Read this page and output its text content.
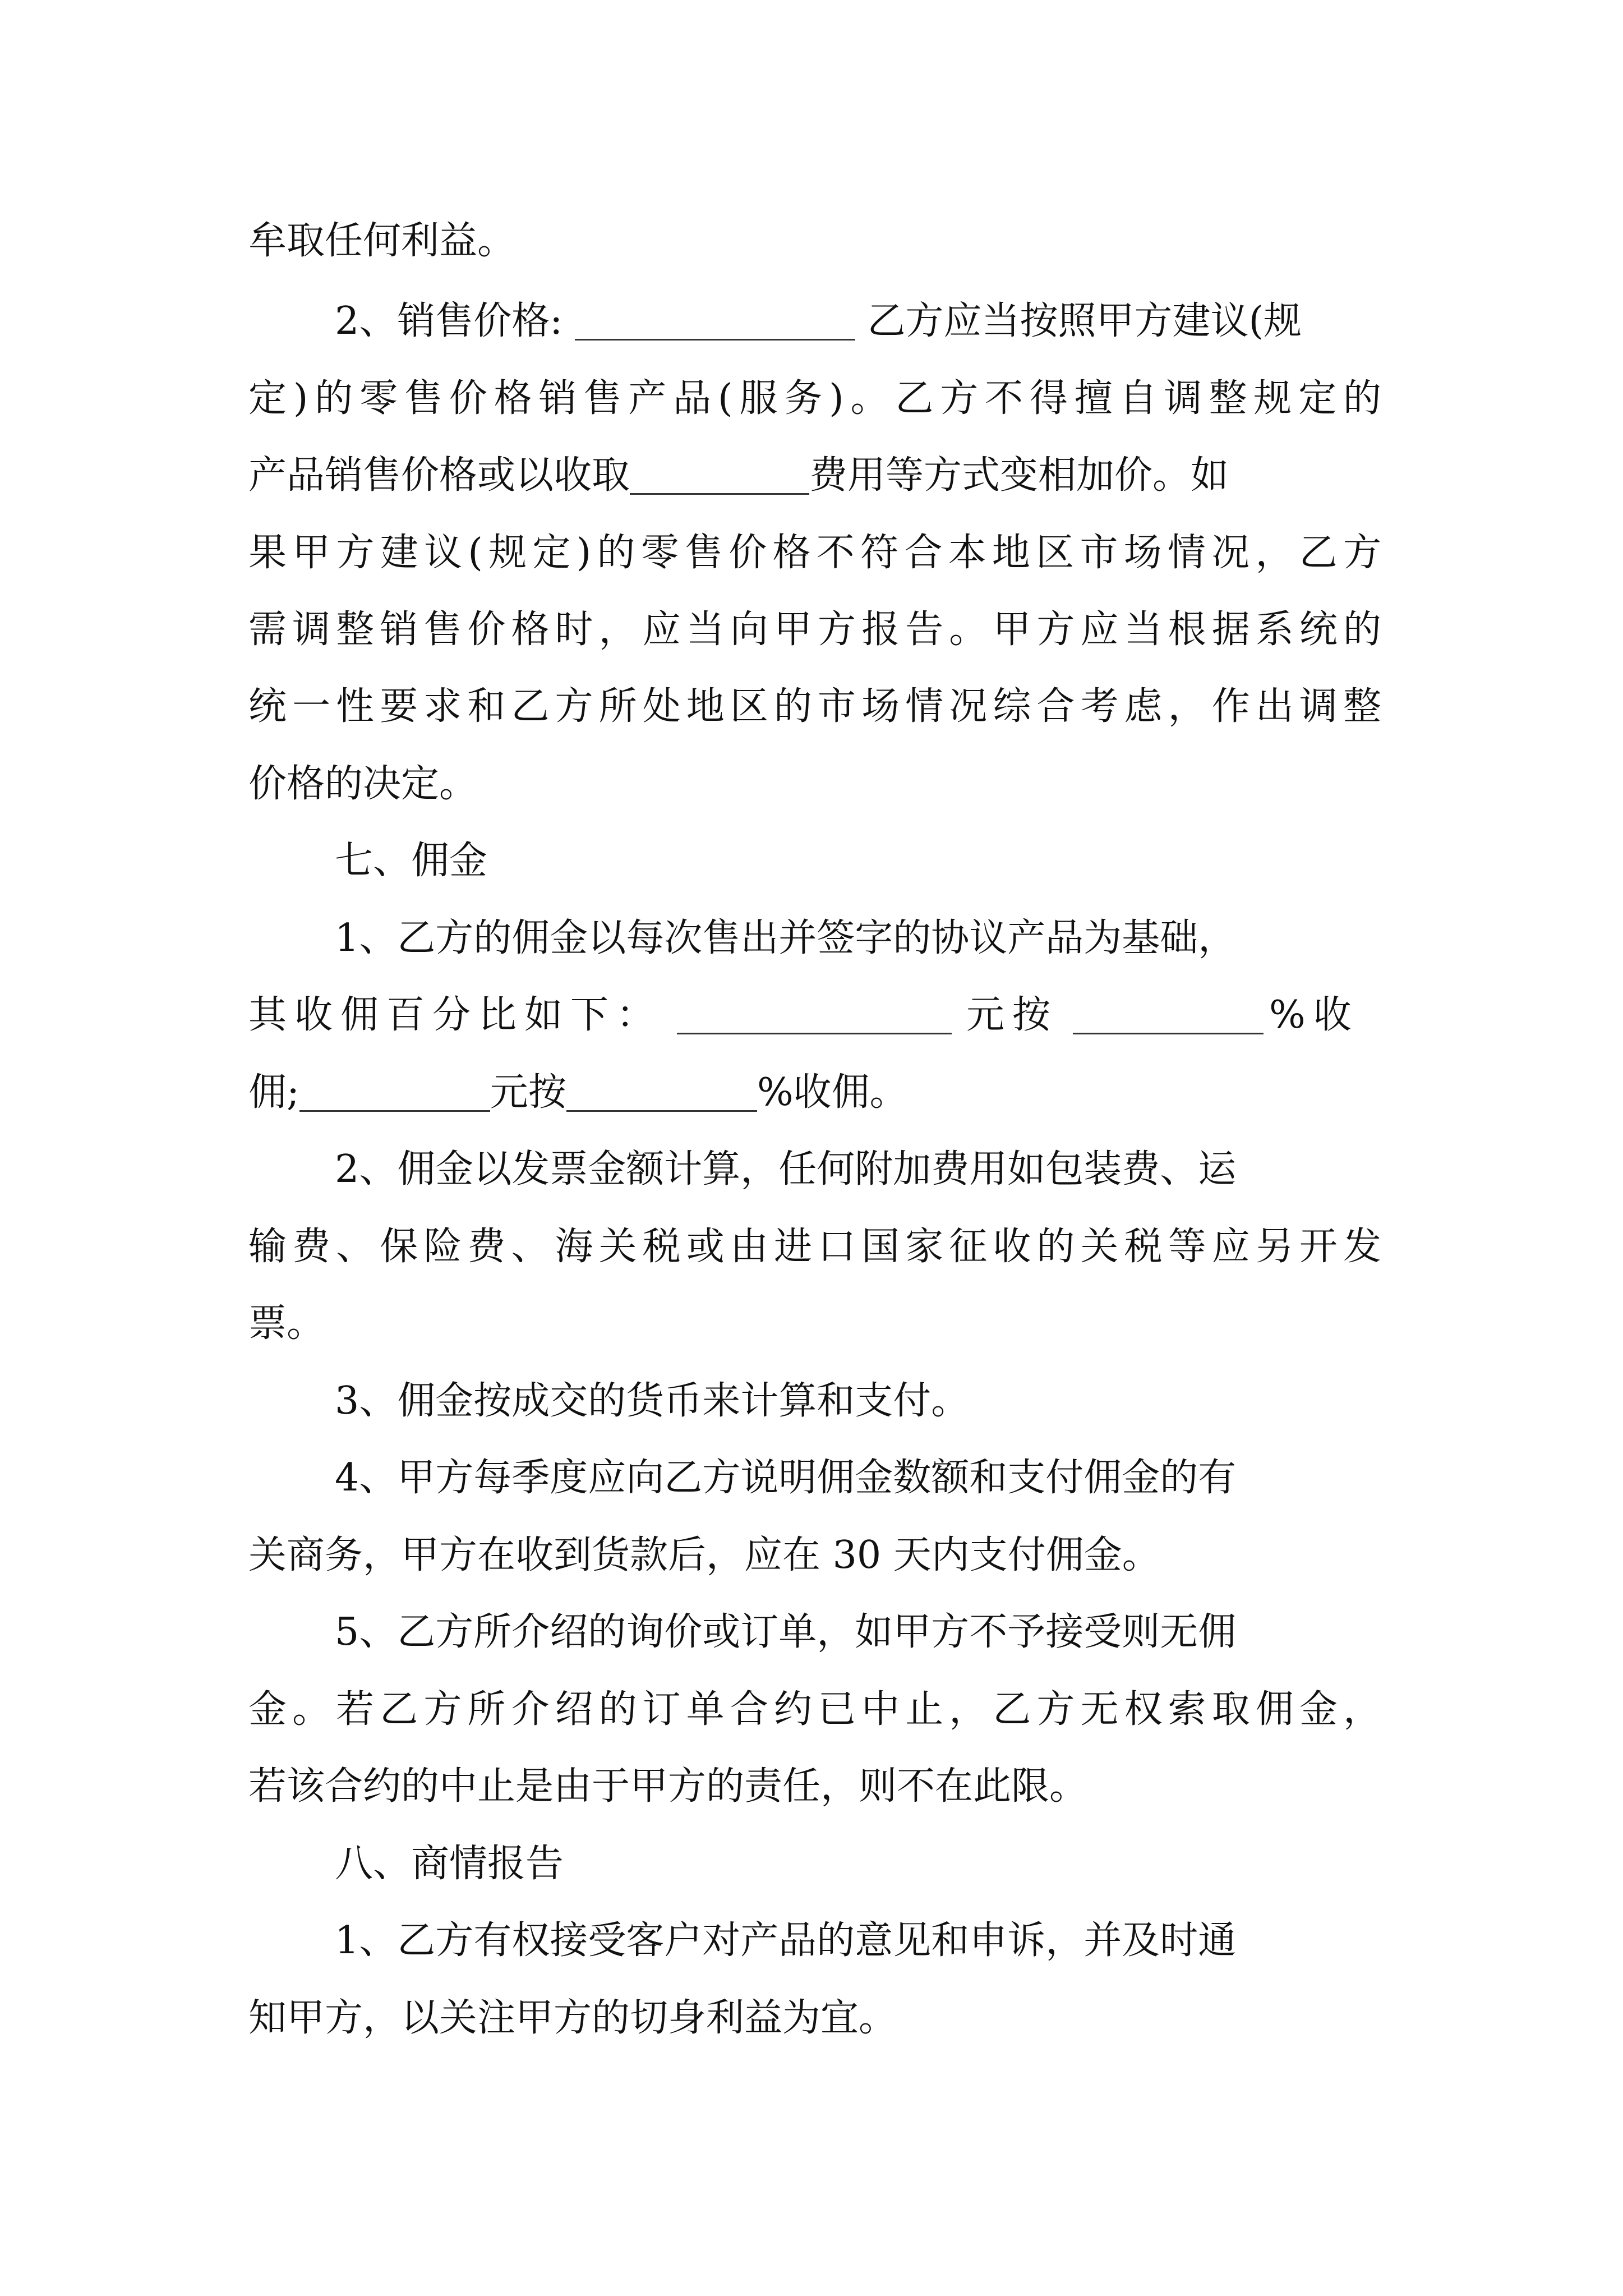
牟取任何利益。
2、销售价格:	乙方应当按照甲方建议(规
定)的零售价格销售产品(服务)。乙方不得擅自调整规定的
产品销售价格或以收取	费用等方式变相加价。如
果甲方建议(规定)的零售价格不符合本地区市场情况，乙方
需调整销售价格时，应当向甲方报告。甲方应当根据系统的
统一性要求和乙方所处地区的市场情况综合考虑，作出调整
价格的决定。
七、佣金
1、乙方的佣金以每次售出并签字的协议产品为基础，
其收佣百分比如下：	元按	%收
佣;	元按	%收佣。
2、佣金以发票金额计算，任何附加费用如包装费、运
输费、保险费、海关税或由进口国家征收的关税等应另开发
票。
3、佣金按成交的货币来计算和支付。
4、甲方每季度应向乙方说明佣金数额和支付佣金的有
关商务，甲方在收到货款后，应在 30 天内支付佣金。
5、乙方所介绍的询价或订单，如甲方不予接受则无佣
金。若乙方所介绍的订单合约已中止，乙方无权索取佣金，
若该合约的中止是由于甲方的责任，则不在此限。
八、商情报告
1、乙方有权接受客户对产品的意见和申诉，并及时通
知甲方，以关注甲方的切身利益为宜。
